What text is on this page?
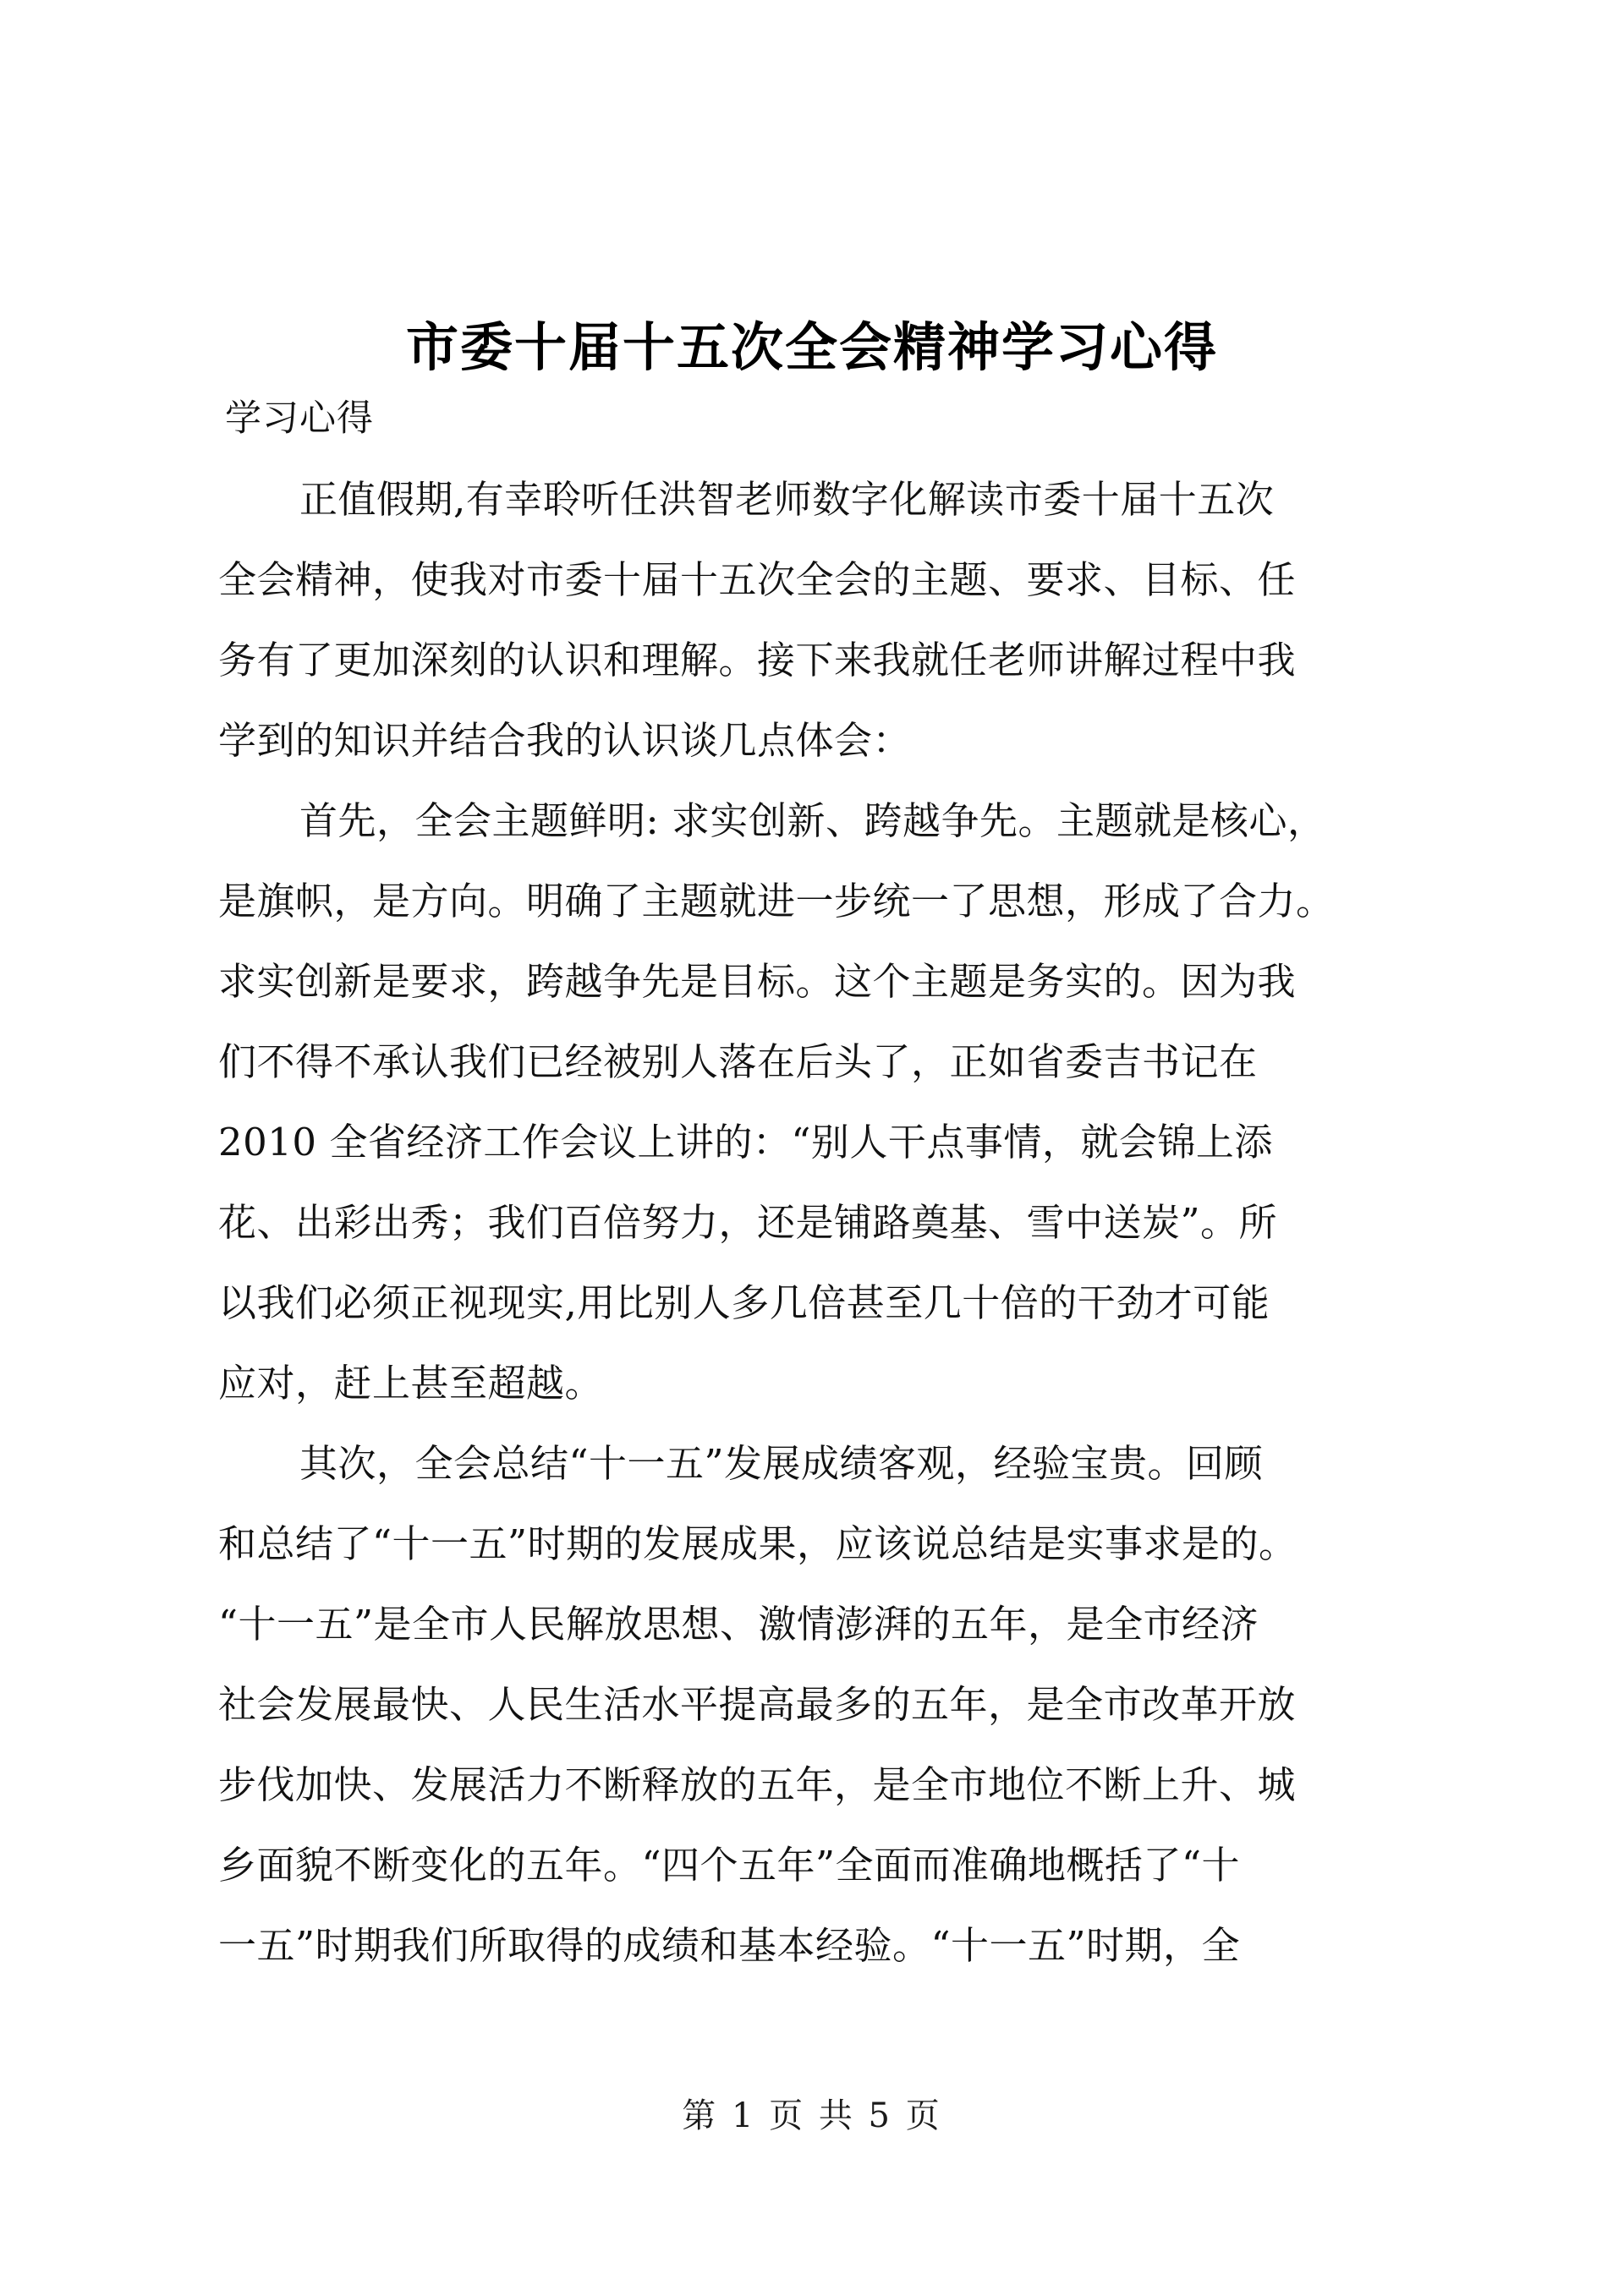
市委十届十五次全会精神学习心得
学习心得
正值假期,有幸聆听任洪智老师数字化解读市委十届十五次
全会精神，使我对市委十届十五次全会的主题、要求、目标、任
务有了更加深刻的认识和理解。接下来我就任老师讲解过程中我
学到的知识并结合我的认识谈几点体会：
首先，全会主题鲜明: 求实创新、跨越争先。主题就是核心，
是旗帜，是方向。明确了主题就进一步统一了思想，形成了合力。
求实创新是要求，跨越争先是目标。这个主题是务实的。因为我
们不得不承认我们已经被别人落在后头了，正如省委吉书记在
2010 全省经济工作会议上讲的：“别人干点事情，就会锦上添
花、出彩出秀；我们百倍努力，还是铺路奠基、雪中送炭”。所
以我们必须正视现实,用比别人多几倍甚至几十倍的干劲才可能
应对，赶上甚至超越。
其次，全会总结“十一五”发展成绩客观，经验宝贵。回顾
和总结了“十一五”时期的发展成果，应该说总结是实事求是的。
“十一五”是全市人民解放思想、激情澎湃的五年，是全市经济
社会发展最快、人民生活水平提高最多的五年，是全市改革开放
步伐加快、发展活力不断释放的五年，是全市地位不断上升、城
乡面貌不断变化的五年。“四个五年”全面而准确地概括了“十
一五”时期我们所取得的成绩和基本经验。“十一五”时期，全
第 1 页 共 5 页
